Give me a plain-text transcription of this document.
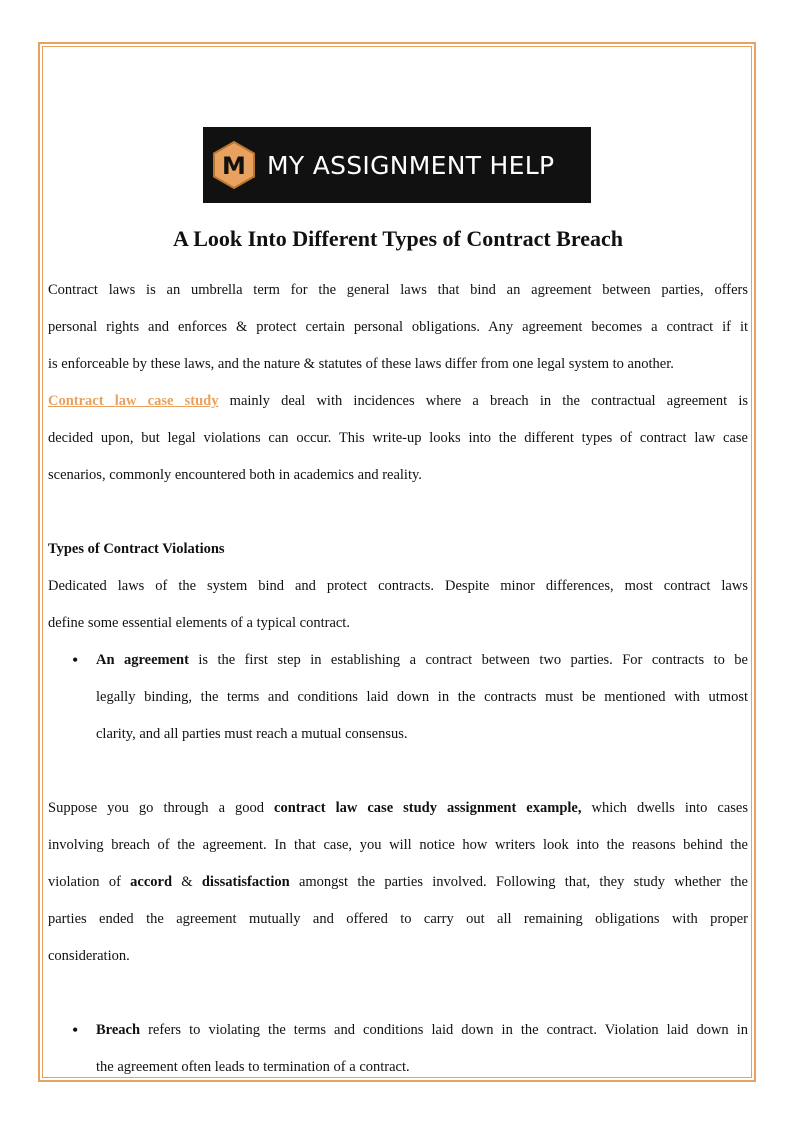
M MY ASSIGNMENT HELP
A Look Into Different Types of Contract Breach

Contract laws is an umbrella term for the general laws that bind an agreement between parties, offers

personal rights and enforces & protect certain personal obligations. Any agreement becomes a contract if it

is enforceable by these laws, and the nature & statutes of these laws differ from one legal system to another.

Contract law case study mainly deal with incidences where a breach in the contractual agreement is

decided upon, but legal violations can occur. This write-up looks into the different types of contract law case

scenarios, commonly encountered both in academics and reality.

Types of Contract Violations

Dedicated laws of the system bind and protect contracts. Despite minor differences, most contract laws

define some essential elements of a typical contract.

• An agreement is the first step in establishing a contract between two parties. For contracts to be
legally binding, the terms and conditions laid down in the contracts must be mentioned with utmost
clarity, and all parties must reach a mutual consensus.

Suppose you go through a good contract law case study assignment example, which dwells into cases

involving breach of the agreement. In that case, you will notice how writers look into the reasons behind the

violation of accord & dissatisfaction amongst the parties involved. Following that, they study whether the

parties ended the agreement mutually and offered to carry out all remaining obligations with proper

consideration.

• Breach refers to violating the terms and conditions laid down in the contract. Violation laid down in
the agreement often leads to termination of a contract.
